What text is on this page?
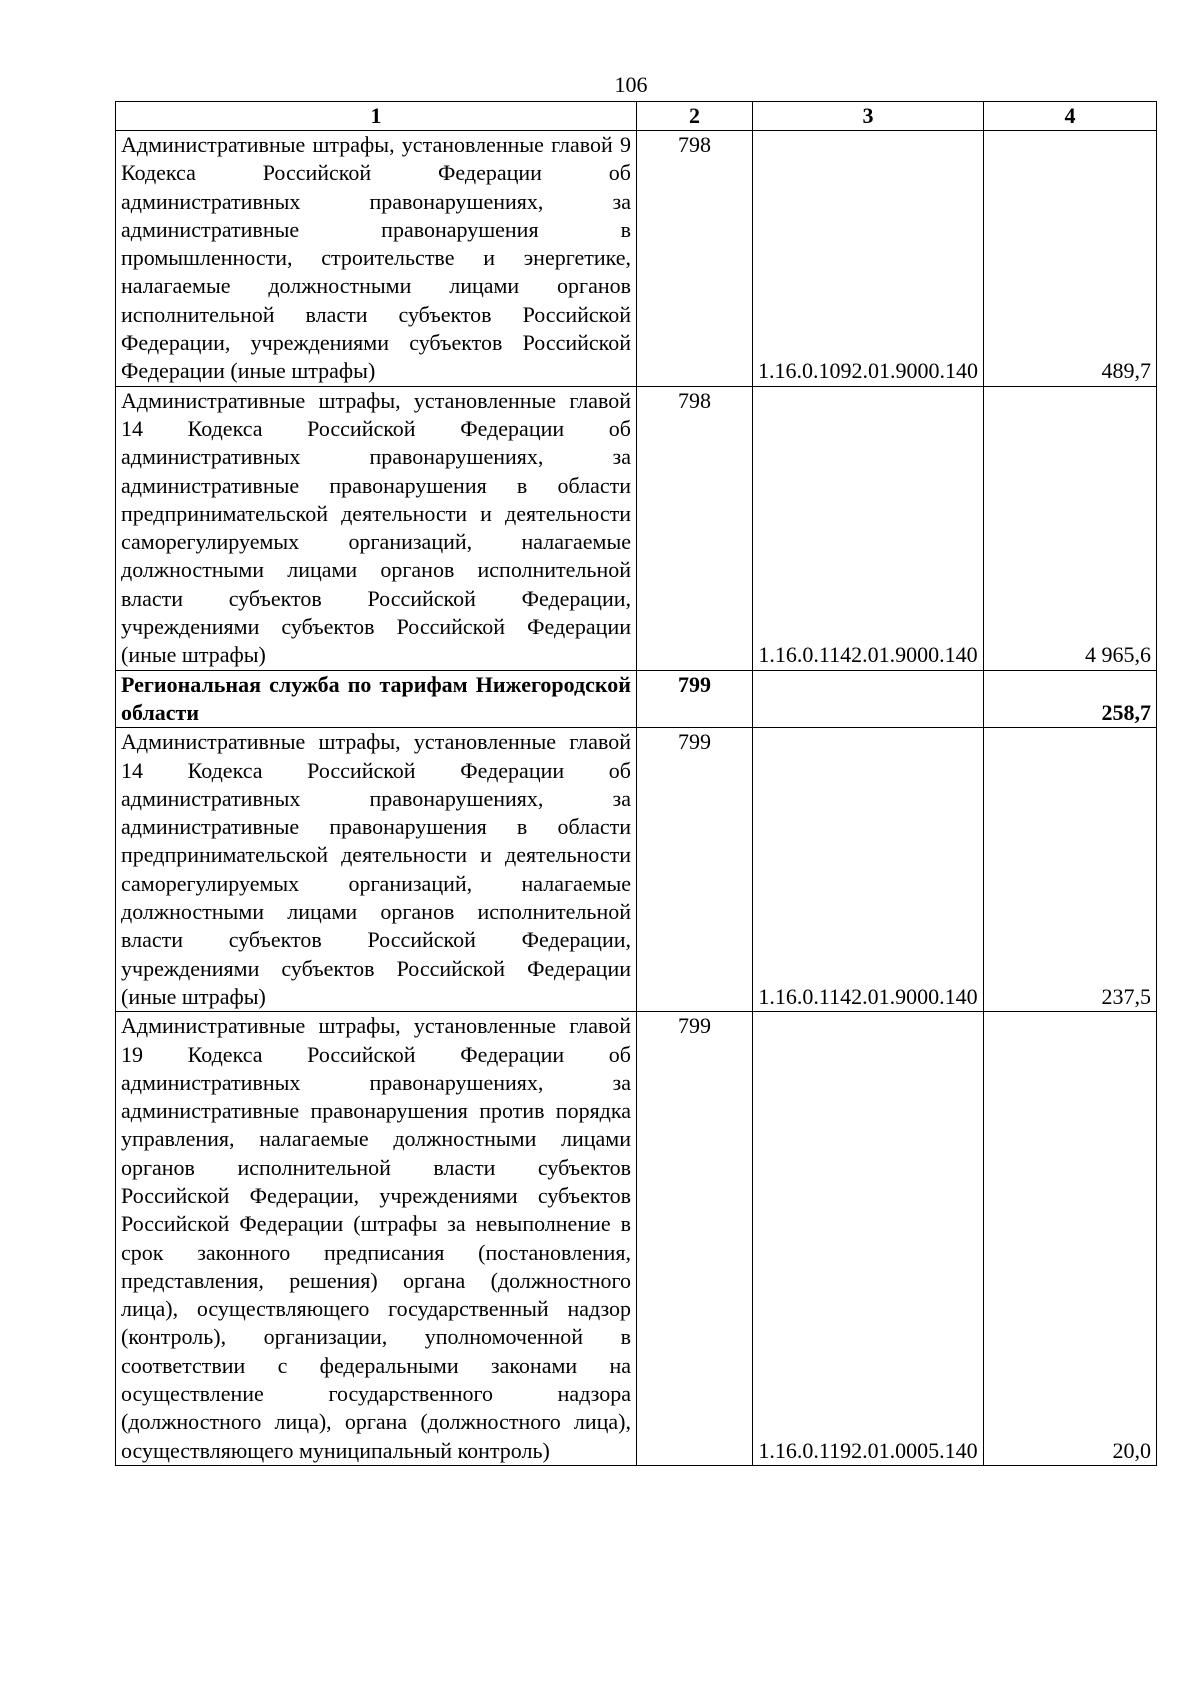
106
1	2	3	4
Административные штрафы, установленные главой 9 Кодекса Российской Федерации об административных правонарушениях, за административные правонарушения в промышленности, строительстве и энергетике, налагаемые должностными лицами органов исполнительной власти субъектов Российской Федерации, учреждениями субъектов Российской Федерации (иные штрафы)	798	1.16.0.1092.01.9000.140	489,7
Административные штрафы, установленные главой 14 Кодекса Российской Федерации об административных правонарушениях, за административные правонарушения в области предпринимательской деятельности и деятельности саморегулируемых организаций, налагаемые должностными лицами органов исполнительной власти субъектов Российской Федерации, учреждениями субъектов Российской Федерации (иные штрафы)	798	1.16.0.1142.01.9000.140	4 965,6
Региональная служба по тарифам Нижегородской области	799		258,7
Административные штрафы, установленные главой 14 Кодекса Российской Федерации об административных правонарушениях, за административные правонарушения в области предпринимательской деятельности и деятельности саморегулируемых организаций, налагаемые должностными лицами органов исполнительной власти субъектов Российской Федерации, учреждениями субъектов Российской Федерации (иные штрафы)	799	1.16.0.1142.01.9000.140	237,5
Административные штрафы, установленные главой 19 Кодекса Российской Федерации об административных правонарушениях, за административные правонарушения против порядка управления, налагаемые должностными лицами органов исполнительной власти субъектов Российской Федерации, учреждениями субъектов Российской Федерации (штрафы за невыполнение в срок законного предписания (постановления, представления, решения) органа (должностного лица), осуществляющего государственный надзор (контроль), организации, уполномоченной в соответствии с федеральными законами на осуществление государственного надзора (должностного лица), органа (должностного лица), осуществляющего муниципальный контроль)	799	1.16.0.1192.01.0005.140	20,0
